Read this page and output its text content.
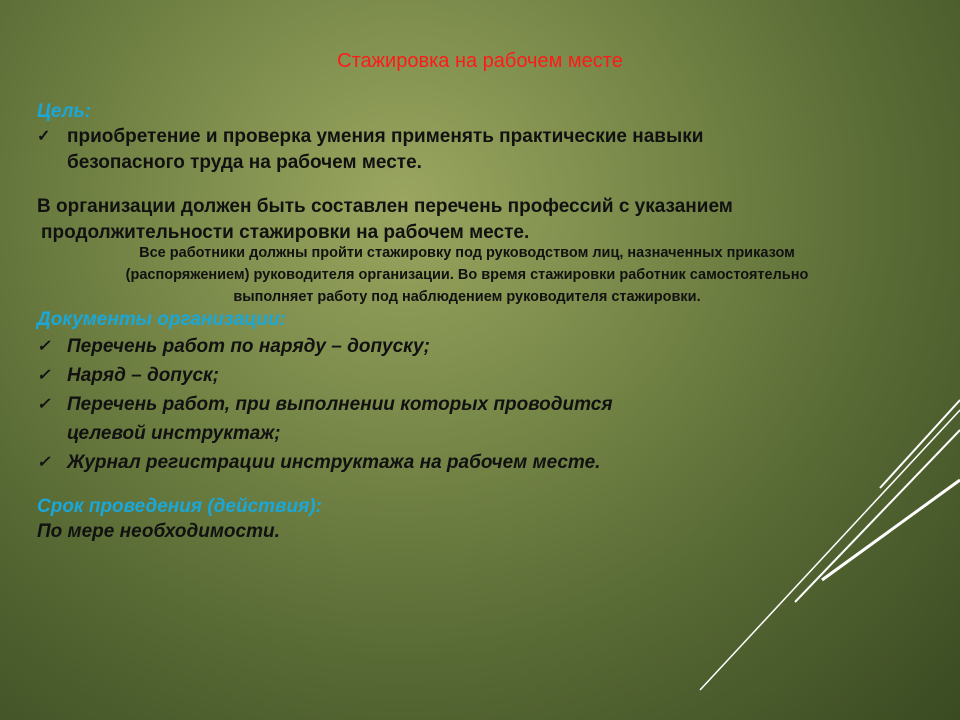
Стажировка на рабочем месте
Цель:
✓ приобретение и проверка умения применять практические навыки
безопасного труда на рабочем месте.
В организации должен быть составлен перечень профессий с указанием
продолжительности стажировки на рабочем месте.
Все работники должны пройти стажировку под руководством лиц, назначенных приказом
(распоряжением) руководителя организации. Во время стажировки работник самостоятельно
выполняет работу под наблюдением руководителя стажировки.
Документы организации:
✓ Перечень работ по наряду – допуску;
✓ Наряд – допуск;
✓ Перечень работ, при выполнении которых проводится
целевой инструктаж;
✓ Журнал регистрации инструктажа на рабочем месте.
Срок проведения (действия):
По мере необходимости.
